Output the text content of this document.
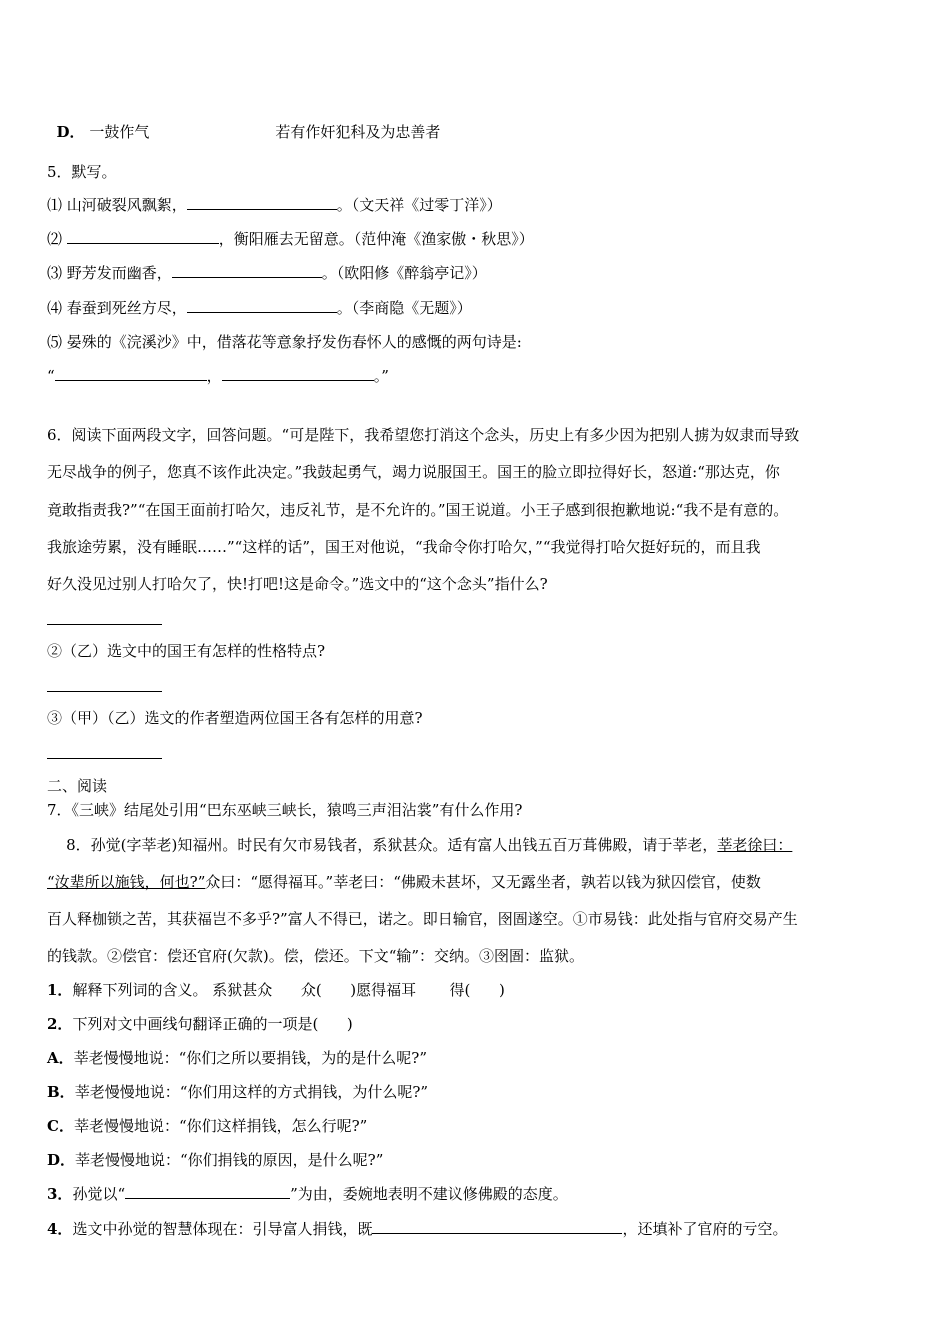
D． 一鼓作气	若有作奸犯科及为忠善者

5．默写。
⑴ 山河破裂风飘絮，	。（文天祥《过零丁洋》）
⑵	，衡阳雁去无留意。（范仲淹《渔家傲・秋思》）
⑶ 野芳发而幽香，	。（欧阳修《醉翁亭记》）
⑷ 春蚕到死丝方尽，	。（李商隐《无题》）
⑸ 晏殊的《浣溪沙》中，借落花等意象抒发伤春怀人的感慨的两句诗是:
“	，	。”
6．阅读下面两段文字，回答问题。“可是陛下，我希望您打消这个念头，历史上有多少因为把别人掳为奴隶而导致
无尽战争的例子，您真不该作此决定。”我鼓起勇气，竭力说服国王。国王的脸立即拉得好长，怒道:“那达克，你
竟敢指责我?”“在国王面前打哈欠，违反礼节，是不允许的。”国王说道。小王子感到很抱歉地说:“我不是有意的。
我旅途劳累，没有睡眠……”“这样的话”，国王对他说，“我命令你打哈欠，”“我觉得打哈欠挺好玩的，而且我
好久没见过别人打哈欠了，快!打吧!这是命令。”选文中的“这个念头”指什么?
②（乙）选文中的国王有怎样的性格特点?
③（甲）（乙）选文的作者塑造两位国王各有怎样的用意?
二、阅读
7．《三峡》结尾处引用“巴东巫峡三峡长，猿鸣三声泪沾裳”有什么作用?
8．孙觉(字莘老)知福州。时民有欠市易钱者，系狱甚众。适有富人出钱五百万葺佛殿，请于莘老，莘老徐曰：
“汝辈所以施钱，何也?”众曰：“愿得福耳。”莘老曰：“佛殿未甚坏，又无露坐者，孰若以钱为狱囚偿官，使数
百人释枷锁之苦，其获福岂不多乎?”富人不得已，诺之。即日输官，囹圄遂空。①市易钱：此处指与官府交易产生
的钱款。②偿官：偿还官府(欠款)。偿，偿还。下文“输”：交纳。③囹圄：监狱。
1．解释下列词的含义。 系狱甚众      众(      )愿得福耳       得(      )
2．下列对文中画线句翻译正确的一项是(      )
A．莘老慢慢地说：“你们之所以要捐钱，为的是什么呢?”
B．莘老慢慢地说：“你们用这样的方式捐钱，为什么呢?”
C．莘老慢慢地说：“你们这样捐钱，怎么行呢?”
D．莘老慢慢地说：“你们捐钱的原因，是什么呢?”
3．孙觉以“	”为由，委婉地表明不建议修佛殿的态度。
4．选文中孙觉的智慧体现在：引导富人捐钱，既	，还填补了官府的亏空。
